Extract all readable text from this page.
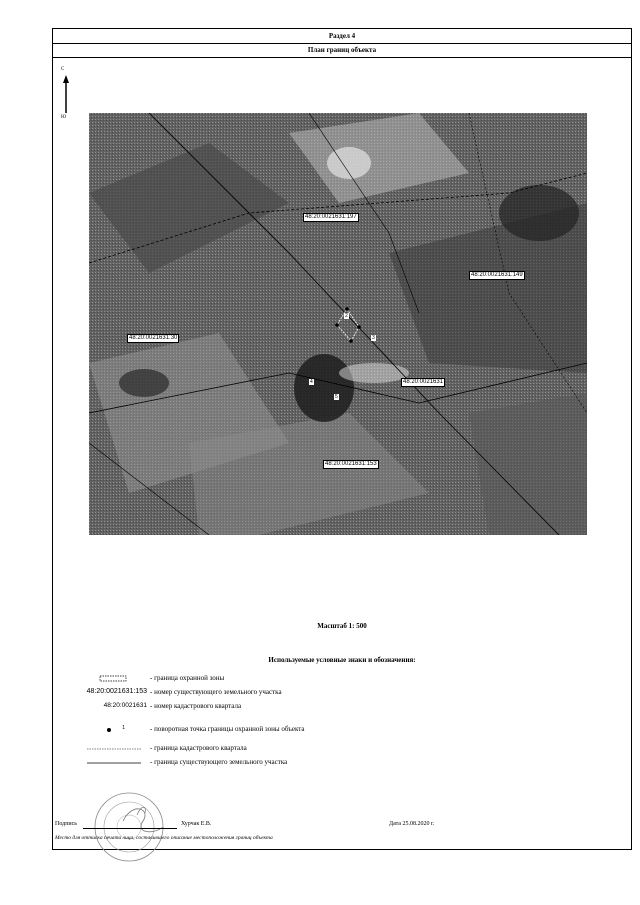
Раздел 4
План границ объекта
С
Ю
48:20:0021631:197
48:20:0021631:149
48:20:0021631:30
48:20:0021631
48:20:0021631:153
2
3
4
5
Масштаб 1: 500
Используемые условные знаки и обозначения:
- граница охранной зоны
48:20:0021631:153 - номер существующего земельного участка
48:20:0021631 - номер кадастрового квартала
1	- поворотная точка границы охранной зоны объекта
- граница кадастрового квартала
- граница существующего земельного участка
Подпись	Хурчак Е.В.	Дата 25.08.2020 г.
Место для оттиска печати лица, составившего описание местоположения границ объекта
